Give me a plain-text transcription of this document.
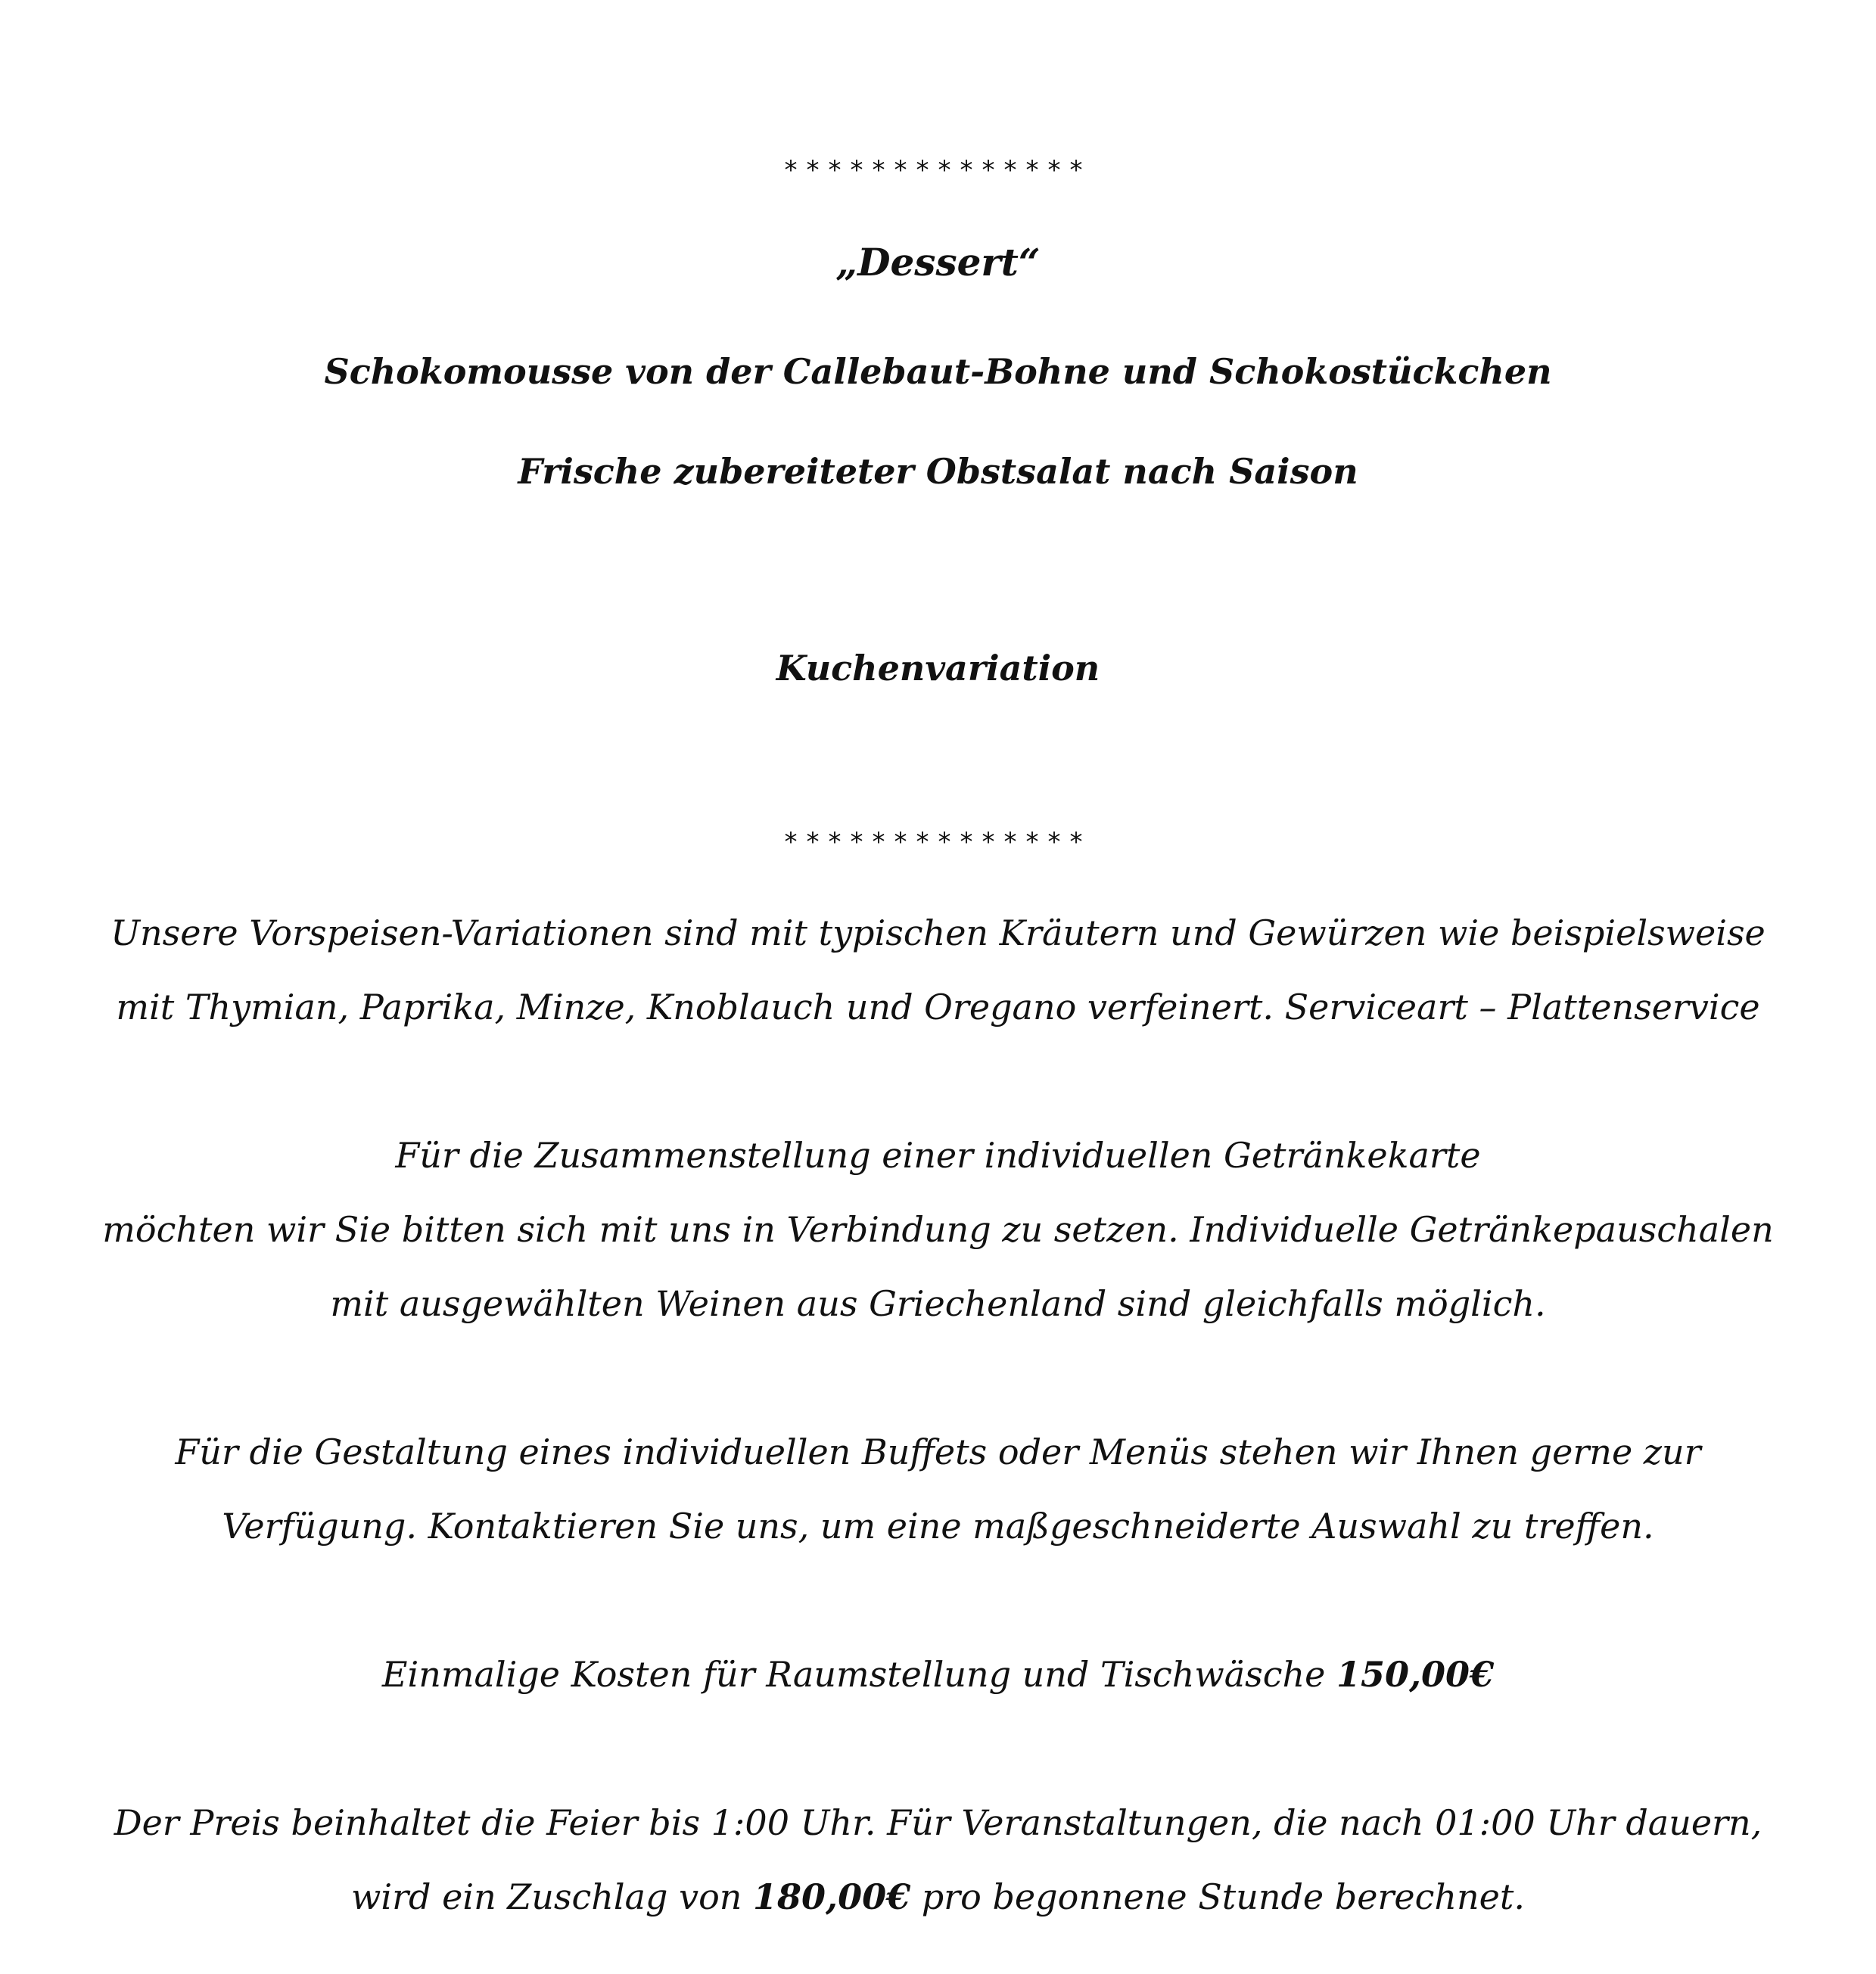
**************
„Dessert“
Schokomousse von der Callebaut-Bohne und Schokostückchen
Frische zubereiteter Obstsalat nach Saison
Kuchenvariation
**************
Unsere Vorspeisen-Variationen sind mit typischen Kräutern und Gewürzen wie beispielsweise
mit Thymian, Paprika, Minze, Knoblauch und Oregano verfeinert. Serviceart – Plattenservice
Für die Zusammenstellung einer individuellen Getränkekarte
möchten wir Sie bitten sich mit uns in Verbindung zu setzen. Individuelle Getränkepauschalen
mit ausgewählten Weinen aus Griechenland sind gleichfalls möglich.
Für die Gestaltung eines individuellen Buffets oder Menüs stehen wir Ihnen gerne zur
Verfügung. Kontaktieren Sie uns, um eine maßgeschneiderte Auswahl zu treffen.
Einmalige Kosten für Raumstellung und Tischwäsche 150,00€
Der Preis beinhaltet die Feier bis 1:00 Uhr. Für Veranstaltungen, die nach 01:00 Uhr dauern,
wird ein Zuschlag von 180,00€ pro begonnene Stunde berechnet.
